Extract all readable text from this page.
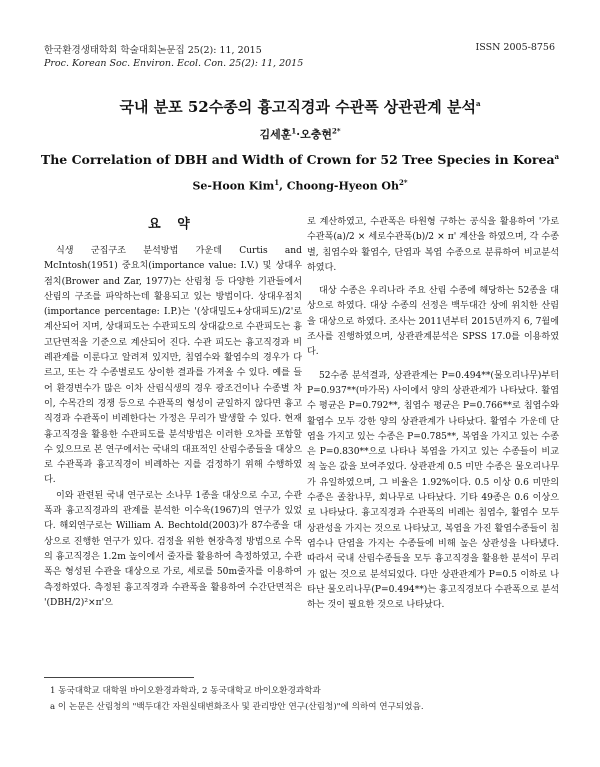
한국환경생태학회 학술대회논문집 25(2): 11, 2015	ISSN 2005-8756
Proc. Korean Soc. Environ. Ecol. Con. 25(2): 11, 2015
국내 분포 52수종의 흉고직경과 수관폭 상관관계 분석$^a$
김세훈$^1$·오충현$^{2*}$
The Correlation of DBH and Width of Crown for 52 Tree Species in Korea$^a$
Se-Hoon Kim$^1$, Choong-Hyeon $Oh^{2*}$
요 약

식생 군집구조 분석방법 가운데 Curtis and McIntosh(1951) 중요치(importance value: I.V.) 및 상대우점치(Brower and Zar, 1977)는 산림청 등 다양한 기관들에서 산림의 구조를 파악하는데 활용되고 있는 방법이다. 상대우점치(importance percentage: I.P.)는 '(상대밀도+상대피도)/2'로 계산되어 지며, 상대피도는 수관피도의 상대값으로 수관피도는 흉고단면적을 기준으로 계산되어 진다. 수관 피도는 흉고직경과 비례관계를 이룬다고 알려져 있지만, 침엽수와 활엽수의 경우가 다르고, 또는 각 수종별로도 상이한 결과를 가져올 수 있다. 예를 들어 환경변수가 많은 이차 산림식생의 경우 광조건이나 수종별 차이, 수목간의 경쟁 등으로 수관폭의 형성이 균일하지 않다면 흉고직경과 수관폭이 비례한다는 가정은 무리가 발생할 수 있다. 현재 흉고직경을 활용한 수관피도를 분석방법은 이러한 오차를 포함할 수 있으므로 본 연구에서는 국내의 대표적인 산림수종들을 대상으로 수관폭과 흉고직경이 비례하는 지를 검정하기 위해 수행하였다.

이와 관련된 국내 연구로는 소나무 1종을 대상으로 수고, 수관폭과 흉고직경과의 관계를 분석한 이수욱(1967)의 연구가 있었다. 해외연구로는 William A. Bechtold(2003)가 87수종을 대상으로 진행한 연구가 있다. 검정을 위한 현장측정 방법으로 수목의 흉고직경은 1.2m 높이에서 줄자를 활용하여 측정하였고, 수관폭은 형성된 수관을 대상으로 가로, 세로를 50m줄자를 이용하여 측정하였다. 측정된 흉고직경과 수관폭을 활용하여 수간단면적은 '(DBH/2)²×π'으

로 계산하였고, 수관폭은 타원형 구하는 공식을 활용하여 '가로수관폭(a)/2 × 세로수관폭(b)/2 × π' 계산을 하였으며, 각 수종별, 침엽수와 활엽수, 단엽과 복엽 수종으로 분류하여 비교분석하였다.

대상 수종은 우리나라 주요 산림 수종에 해당하는 52종을 대상으로 하였다. 대상 수종의 선정은 백두대간 상에 위치한 산림을 대상으로 하였다. 조사는 2011년부터 2015년까지 6, 7월에 조사를 진행하였으며, 상관관계분석은 SPSS 17.0를 이용하였다.

52수종 분석결과, 상관관계는 P=0.494**(물오리나무)부터 P=0.937**(마가목) 사이에서 양의 상관관계가 나타났다. 활엽수 평균은 P=0.792**, 침엽수 평균은 P=0.766**로 침엽수와 활엽수 모두 강한 양의 상관관계가 나타났다. 활엽수 가운데 단엽을 가지고 있는 수종은 P=0.785**, 복엽을 가지고 있는 수종은 P=0.830**으로 나타나 복엽을 가지고 있는 수종들이 비교적 높은 값을 보여주었다. 상관관계 0.5 미만 수종은 물오리나무가 유일하였으며, 그 비율은 1.92%이다. 0.5 이상 0.6 미만의 수종은 졸참나무, 회나무로 나타났다. 기타 49종은 0.6 이상으로 나타났다. 흉고직경과 수관폭의 비례는 침엽수, 활엽수 모두 상관성을 가지는 것으로 나타났고, 복엽을 가진 활엽수종들이 침엽수나 단엽을 가지는 수종들에 비해 높은 상관성을 나타냈다. 따라서 국내 산림수종들을 모두 흉고직경을 활용한 분석이 무리가 없는 것으로 분석되었다. 다만 상관관계가 P=0.5 이하로 나타난 물오리나무(P=0.494**)는 흉고직경보다 수관폭으로 분석하는 것이 필요한 것으로 나타났다.

1 동국대학교 대학원 바이오환경과학과, 2 동국대학교 바이오환경과학과
a 이 논문은 산림청의 "백두대간 자원실태변화조사 및 관리방안 연구(산림청)"에 의하여 연구되었음.
